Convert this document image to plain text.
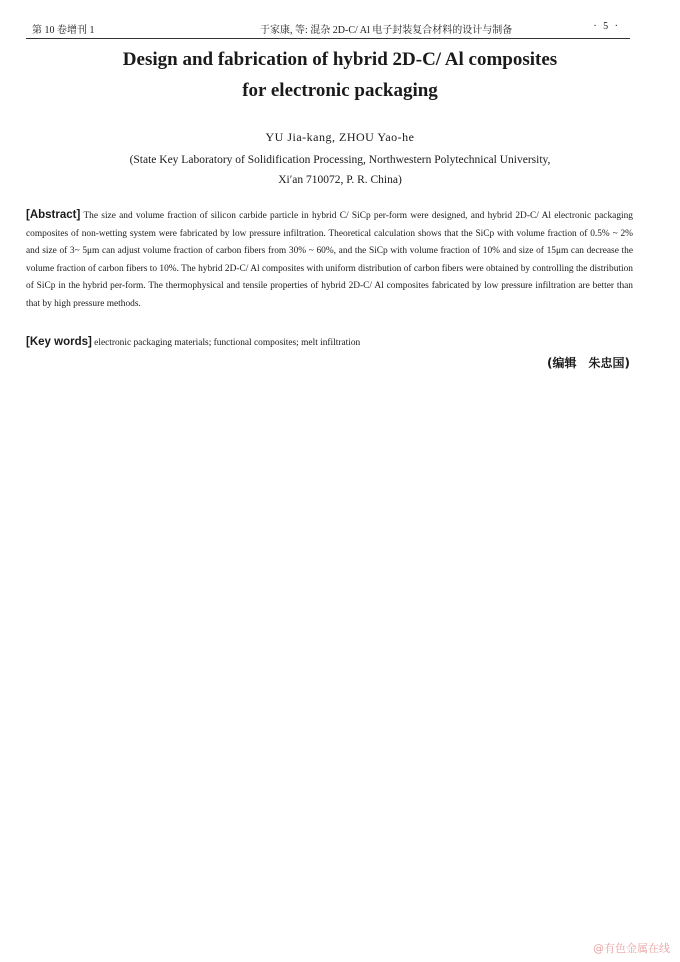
第 10 卷增刊 1	于家康, 等: 混杂 2D-C/ Al 电子封装复合材料的设计与制备	· 5 ·
Design and fabrication of hybrid 2D-C/ Al composites
for electronic packaging
YU Jia-kang, ZHOU Yao-he
(State Key Laboratory of Solidification Processing, Northwestern Polytechnical University,
Xi′an 710072, P. R. China)
[Abstract] The size and volume fraction of silicon carbide particle in hybrid C/ SiCp per-form were designed, and hybrid 2D-C/ Al electronic packaging composites of non-wetting system were fabricated by low pressure infiltration. Theoretical calculation shows that the SiCp with volume fraction of 0.5% ~ 2% and size of 3~ 5μm can adjust volume fraction of carbon fibers from 30% ~ 60%, and the SiCp with volume fraction of 10% and size of 15μm can decrease the volume fraction of carbon fibers to 10%. The hybrid 2D-C/ Al composites with uniform distribution of carbon fibers were obtained by controlling the distribution of SiCp in the hybrid per-form. The thermophysical and tensile properties of hybrid 2D-C/ Al composites fabricated by low pressure infiltration are better than that by high pressure methods.
[Key words] electronic packaging materials; functional composites; melt infiltration
(编辑　朱忠国)
@有色金属在线
